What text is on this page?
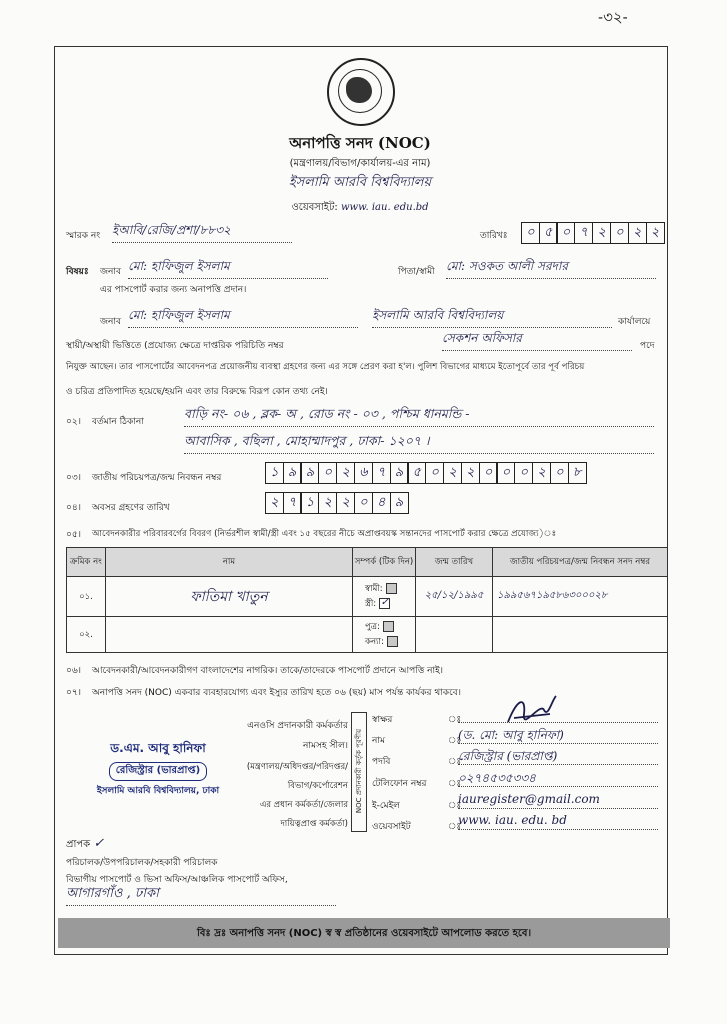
-৩২-
অনাপত্তি সনদ (NOC)
(মন্ত্রণালয়/বিভাগ/কার্যালয়-এর নাম)
ইসলামি আরবি বিশ্ববিদ্যালয়
ওয়েবসাইট: www. iau. edu.bd
স্মারক নং ইআবি/রেজি/প্রশা/৮৮৩২	তারিখঃ	০ ৫ ০ ৭ ২ ০ ২ ২
বিষয়ঃ জনাব মো: হাফিজুল ইসলাম	পিতা/স্বামী মো: সওকত আলী সরদার
এর পাসপোর্ট করার জন্য অনাপত্তি প্রদান।
জনাব মো: হাফিজুল ইসলাম	ইসলামি আরবি বিশ্ববিদ্যালয়	কার্যালয়ে
স্থায়ী/অস্থায়ী ভিত্তিতে (প্রযোজ্য ক্ষেত্রে দাপ্তরিক পরিচিতি নম্বর
সেকশন অফিসার
পদে
নিযুক্ত আছেন। তার পাসপোর্টের আবেদনপত্র প্রয়োজনীয় ব্যবস্থা গ্রহণের জন্য এর সঙ্গে প্রেরণ করা হ'ল। পুলিশ বিভাগের মাধ্যমে ইতোপূর্বে তার পূর্ব পরিচয়
ও চরিত্র প্রতিপাদিত হয়েছে/হয়নি এবং তার বিরুদ্ধে বিরূপ কোন তথ্য নেই।
০২। বর্তমান ঠিকানা
বাড়ি নং- ০৬ , ব্লক- অ , রোড নং - ০৩ , পশ্চিম ধানমন্ডি -
আবাসিক , বছিলা , মোহাম্মাদপুর , ঢাকা- ১২০৭ ।
০৩। জাতীয় পরিচয়পত্র/জন্ম নিবন্ধন নম্বর	১ ৯ ৯ ০ ২ ৬ ৭ ৯ ৫ ০ ২ ২ ০ ০ ০ ২ ০ ৮
০৪। অবসর গ্রহণের তারিখ	২ ৭ ১ ২ ২ ০ ৪ ৯
০৫। আবেদনকারীর পরিবারবর্গের বিবরণ (নির্ভরশীল স্বামী/স্ত্রী এবং ১৫ বছরের নীচে অপ্রাপ্তবয়স্ক সন্তানদের পাসপোর্ট করার ক্ষেত্রে প্রযোজ্য)ঃ
ক্রমিক নং	নাম	সম্পর্ক (টিক দিন)	জন্ম তারিখ	জাতীয় পরিচয়পত্র/জন্ম নিবন্ধন সনদ নম্বর
০১.	ফাতিমা খাতুন	স্বামী:
স্ত্রী: ✓	২৫/১২/১৯৯৫	১৯৯৫৬৭১৯৫৮৬৩০০০২৮
০২.		পুত্র:
কন্যা:		

০৬। আবেদনকারী/আবেদনকারীগণ বাংলাদেশের নাগরিক। তাকে/তাদেরকে পাসপোর্ট প্রদানে আপত্তি নাই।
০৭। অনাপত্তি সনদ (NOC) একবার ব্যবহারযোগ্য এবং ইস্যুর তারিখ হতে ০৬ (ছয়) মাস পর্যন্ত কার্যকর থাকবে।
এনওসি প্রদানকারী কর্মকর্তার
নামসহ সীল।
(মন্ত্রণালয়/অধিদপ্তর/পরিদপ্তর/
বিভাগ/কর্পোরেশন
এর প্রধান কর্মকর্তা/জেলার
দায়িত্বপ্রাপ্ত কর্মকর্তা)
NOC প্রদানকারী কর্তৃক পূরণীয়
ড.এম. আবু হানিফা
রেজিস্ট্রার (ভারপ্রাপ্ত)
ইসলামি আরবি বিশ্ববিদ্যালয়, ঢাকা
স্বাক্ষর	ঃ
নাম	ঃ
(ড. মো: আবু হানিফা)
পদবি	ঃ
রেজিস্ট্রার (ভারপ্রাপ্ত)
টেলিফোন নম্বর ঃ
০২৭৪৫৩৫৩৩৪
ই-মেইল	ঃ
iauregister@gmail.com
ওয়েবসাইট	ঃ
www. iau. edu. bd
প্রাপক ✓
পরিচালক/উপপরিচালক/সহকারী পরিচালক
বিভাগীয় পাসপোর্ট ও ভিসা অফিস/আঞ্চলিক পাসপোর্ট অফিস,
আগারগাঁও , ঢাকা
বিঃ দ্রঃ অনাপত্তি সনদ (NOC) স্ব স্ব প্রতিষ্ঠানের ওয়েবসাইটে আপলোড করতে হবে।
